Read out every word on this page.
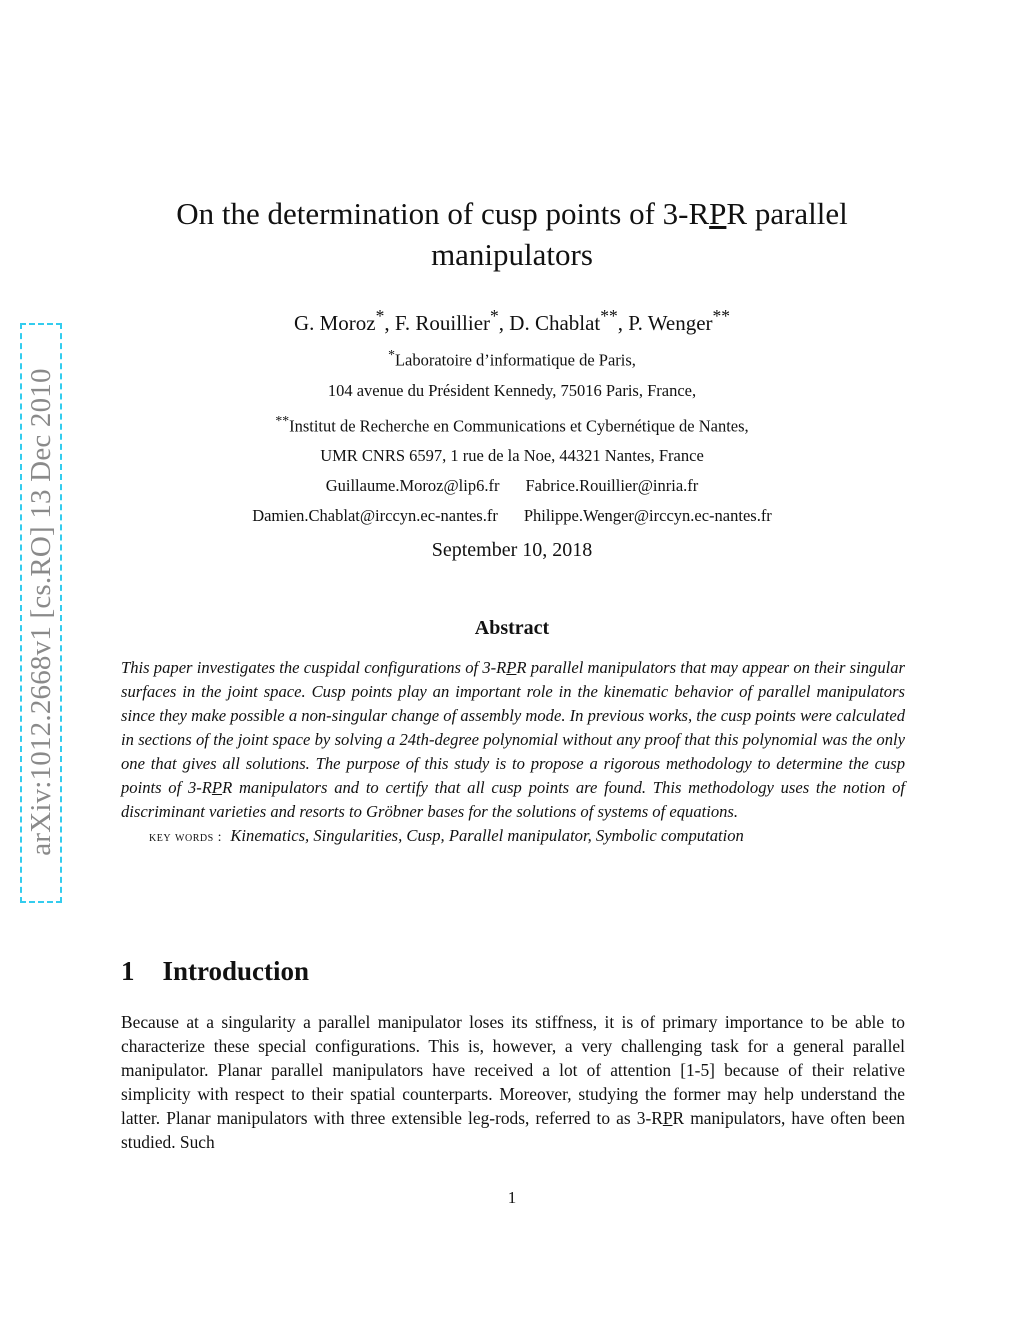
arXiv:1012.2668v1 [cs.RO] 13 Dec 2010
On the determination of cusp points of 3-RPR parallel
manipulators
G. Moroz*, F. Rouillier*, D. Chablat**, P. Wenger**
*Laboratoire d’informatique de Paris,
104 avenue du Président Kennedy, 75016 Paris, France,
**Institut de Recherche en Communications et Cybernétique de Nantes,
UMR CNRS 6597, 1 rue de la Noe, 44321 Nantes, France
Guillaume.Moroz@lip6.fr Fabrice.Rouillier@inria.fr
Damien.Chablat@irccyn.ec-nantes.fr Philippe.Wenger@irccyn.ec-nantes.fr
September 10, 2018
Abstract
This paper investigates the cuspidal configurations of 3-RPR parallel manipulators that may appear on their singular surfaces in the joint space. Cusp points play an important role in the kinematic behavior of parallel manipulators since they make possible a non-singular change of assembly mode. In previous works, the cusp points were calculated in sections of the joint space by solving a 24th-degree polynomial without any proof that this polynomial was the only one that gives all solutions. The purpose of this study is to propose a rigorous methodology to determine the cusp points of 3-RPR manipulators and to certify that all cusp points are found. This methodology uses the notion of discriminant varieties and resorts to Gröbner bases for the solutions of systems of equations.
key words : Kinematics, Singularities, Cusp, Parallel manipulator, Symbolic computation
1 Introduction
Because at a singularity a parallel manipulator loses its stiffness, it is of primary importance to be able to characterize these special configurations. This is, however, a very challenging task for a general parallel manipulator. Planar parallel manipulators have received a lot of attention [1-5] because of their relative simplicity with respect to their spatial counterparts. Moreover, studying the former may help understand the latter. Planar manipulators with three extensible leg-rods, referred to as 3-RPR manipulators, have often been studied. Such
1
